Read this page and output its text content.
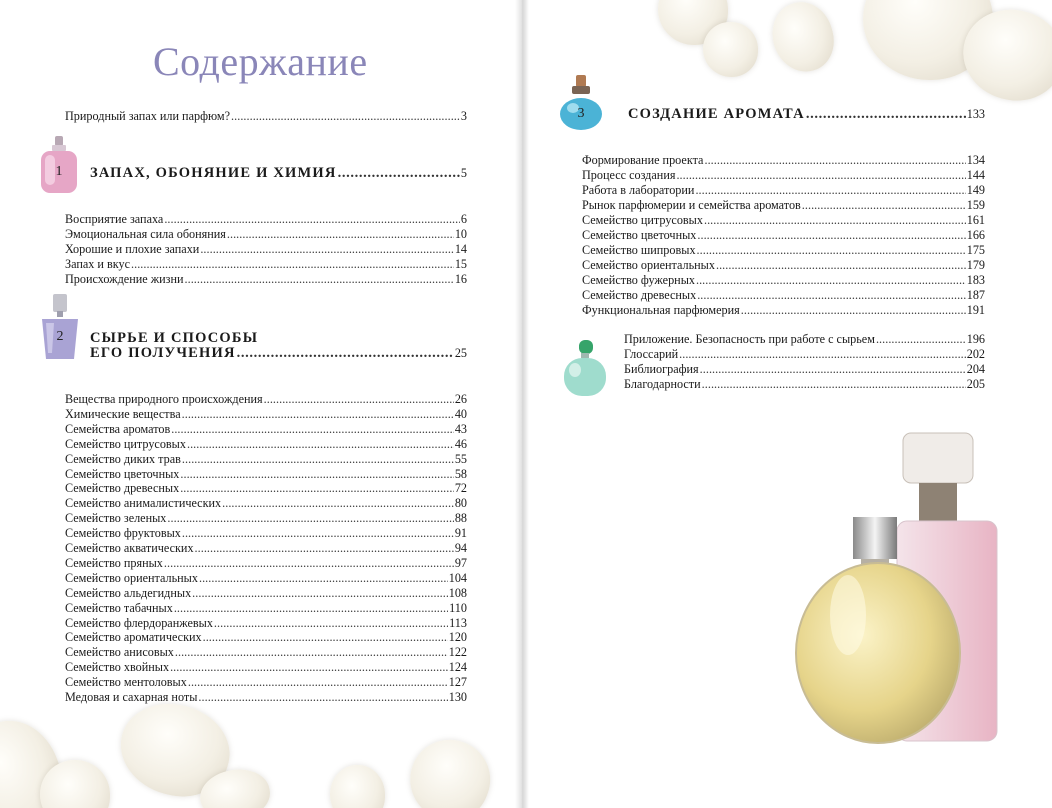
Содержание
Природный запах или парфюм? . . .	3
1	ЗАПАХ, ОБОНЯНИЕ И ХИМИЯ . . .	5
Восприятие запаха . . .	6
Эмоциональная сила обоняния . . .	10
Хорошие и плохие запахи . . .	14
Запах и вкус . . .	15
Происхождение жизни . . .	16
2	СЫРЬЕ И СПОСОБЫ
ЕГО ПОЛУЧЕНИЯ . . .	25
Вещества природного происхождения . . .	26
Химические вещества . . .	40
Семейства ароматов . . .	43
Семейство цитрусовых . . .	46
Семейство диких трав . . .	55
Семейство цветочных . . .	58
Семейство древесных . . .	72
Семейство анималистических . . .	80
Семейство зеленых . . .	88
Семейство фруктовых . . .	91
Семейство акватических . . .	94
Семейство пряных . . .	97
Семейство ориентальных . . .	104
Семейство альдегидных . . .	108
Семейство табачных . . .	110
Семейство флердоранжевых . . .	113
Семейство ароматических . . .	120
Семейство анисовых . . .	122
Семейство хвойных . . .	124
Семейство ментоловых . . .	127
Медовая и сахарная ноты . . .	130
3	СОЗДАНИЕ АРОМАТА . . .	133
Формирование проекта . . .	134
Процесс создания . . .	144
Работа в лаборатории . . .	149
Рынок парфюмерии и семейства ароматов . . .	159
Семейство цитрусовых . . .	161
Семейство цветочных . . .	166
Семейство шипровых . . .	175
Семейство ориентальных . . .	179
Семейство фужерных . . .	183
Семейство древесных . . .	187
Функциональная парфюмерия . . .	191
Приложение. Безопасность при работе с сырьем . . .	196
Глоссарий . . .	202
Библиография . . .	204
Благодарности . . .	205
